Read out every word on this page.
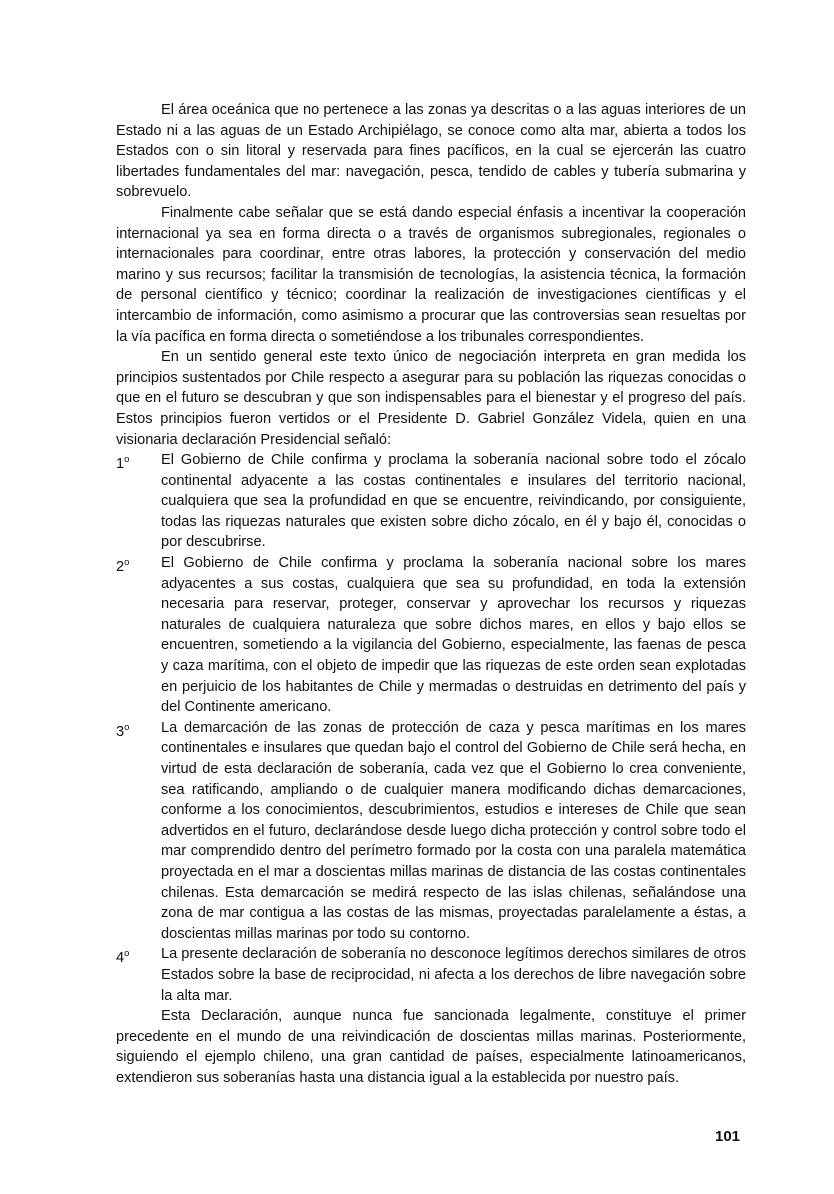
El área oceánica que no pertenece a las zonas ya descritas o a las aguas interiores de un Estado ni a las aguas de un Estado Archipiélago, se conoce como alta mar, abierta a todos los Estados con o sin litoral y reservada para fines pacíficos, en la cual se ejercerán las cuatro libertades fundamentales del mar: navegación, pesca, tendido de cables y tubería submarina y sobrevuelo.

Finalmente cabe señalar que se está dando especial énfasis a incentivar la cooperación internacional ya sea en forma directa o a través de organismos subregionales, regionales o internacionales para coordinar, entre otras labores, la protección y conservación del medio marino y sus recursos; facilitar la transmisión de tecnologías, la asistencia técnica, la formación de personal científico y técnico; coordinar la realización de investigaciones científicas y el intercambio de información, como asimismo a procurar que las controversias sean resueltas por la vía pacífica en forma directa o sometiéndose a los tribunales correspondientes.

En un sentido general este texto único de negociación interpreta en gran medida los principios sustentados por Chile respecto a asegurar para su población las riquezas conocidas o que en el futuro se descubran y que son indispensables para el bienestar y el progreso del país. Estos principios fueron vertidos or el Presidente D. Gabriel González Videla, quien en una visionaria declaración Presidencial señaló:

1$^o$ El Gobierno de Chile confirma y proclama la soberanía nacional sobre todo el zócalo continental adyacente a las costas continentales e insulares del territorio nacional, cualquiera que sea la profundidad en que se encuentre, reivindicando, por consiguiente, todas las riquezas naturales que existen sobre dicho zócalo, en él y bajo él, conocidas o por descubrirse.
2$^o$ El Gobierno de Chile confirma y proclama la soberanía nacional sobre los mares adyacentes a sus costas, cualquiera que sea su profundidad, en toda la extensión necesaria para reservar, proteger, conservar y aprovechar los recursos y riquezas naturales de cualquiera naturaleza que sobre dichos mares, en ellos y bajo ellos se encuentren, sometiendo a la vigilancia del Gobierno, especialmente, las faenas de pesca y caza marítima, con el objeto de impedir que las riquezas de este orden sean explotadas en perjuicio de los habitantes de Chile y mermadas o destruidas en detrimento del país y del Continente americano.
3$^o$ La demarcación de las zonas de protección de caza y pesca marítimas en los mares continentales e insulares que quedan bajo el control del Gobierno de Chile será hecha, en virtud de esta declaración de soberanía, cada vez que el Gobierno lo crea conveniente, sea ratificando, ampliando o de cualquier manera modificando dichas demarcaciones, conforme a los conocimientos, descubrimientos, estudios e intereses de Chile que sean advertidos en el futuro, declarándose desde luego dicha protección y control sobre todo el mar comprendido dentro del perímetro formado por la costa con una paralela matemática proyectada en el mar a doscientas millas marinas de distancia de las costas continentales chilenas. Esta demarcación se medirá respecto de las islas chilenas, señalándose una zona de mar contigua a las costas de las mismas, proyectadas paralelamente a éstas, a doscientas millas marinas por todo su contorno.
4$^o$ La presente declaración de soberanía no desconoce legítimos derechos similares de otros Estados sobre la base de reciprocidad, ni afecta a los derechos de libre navegación sobre la alta mar.

Esta Declaración, aunque nunca fue sancionada legalmente, constituye el primer precedente en el mundo de una reivindicación de doscientas millas marinas. Posteriormente, siguiendo el ejemplo chileno, una gran cantidad de países, especialmente latinoamericanos, extendieron sus soberanías hasta una distancia igual a la establecida por nuestro país.

101
